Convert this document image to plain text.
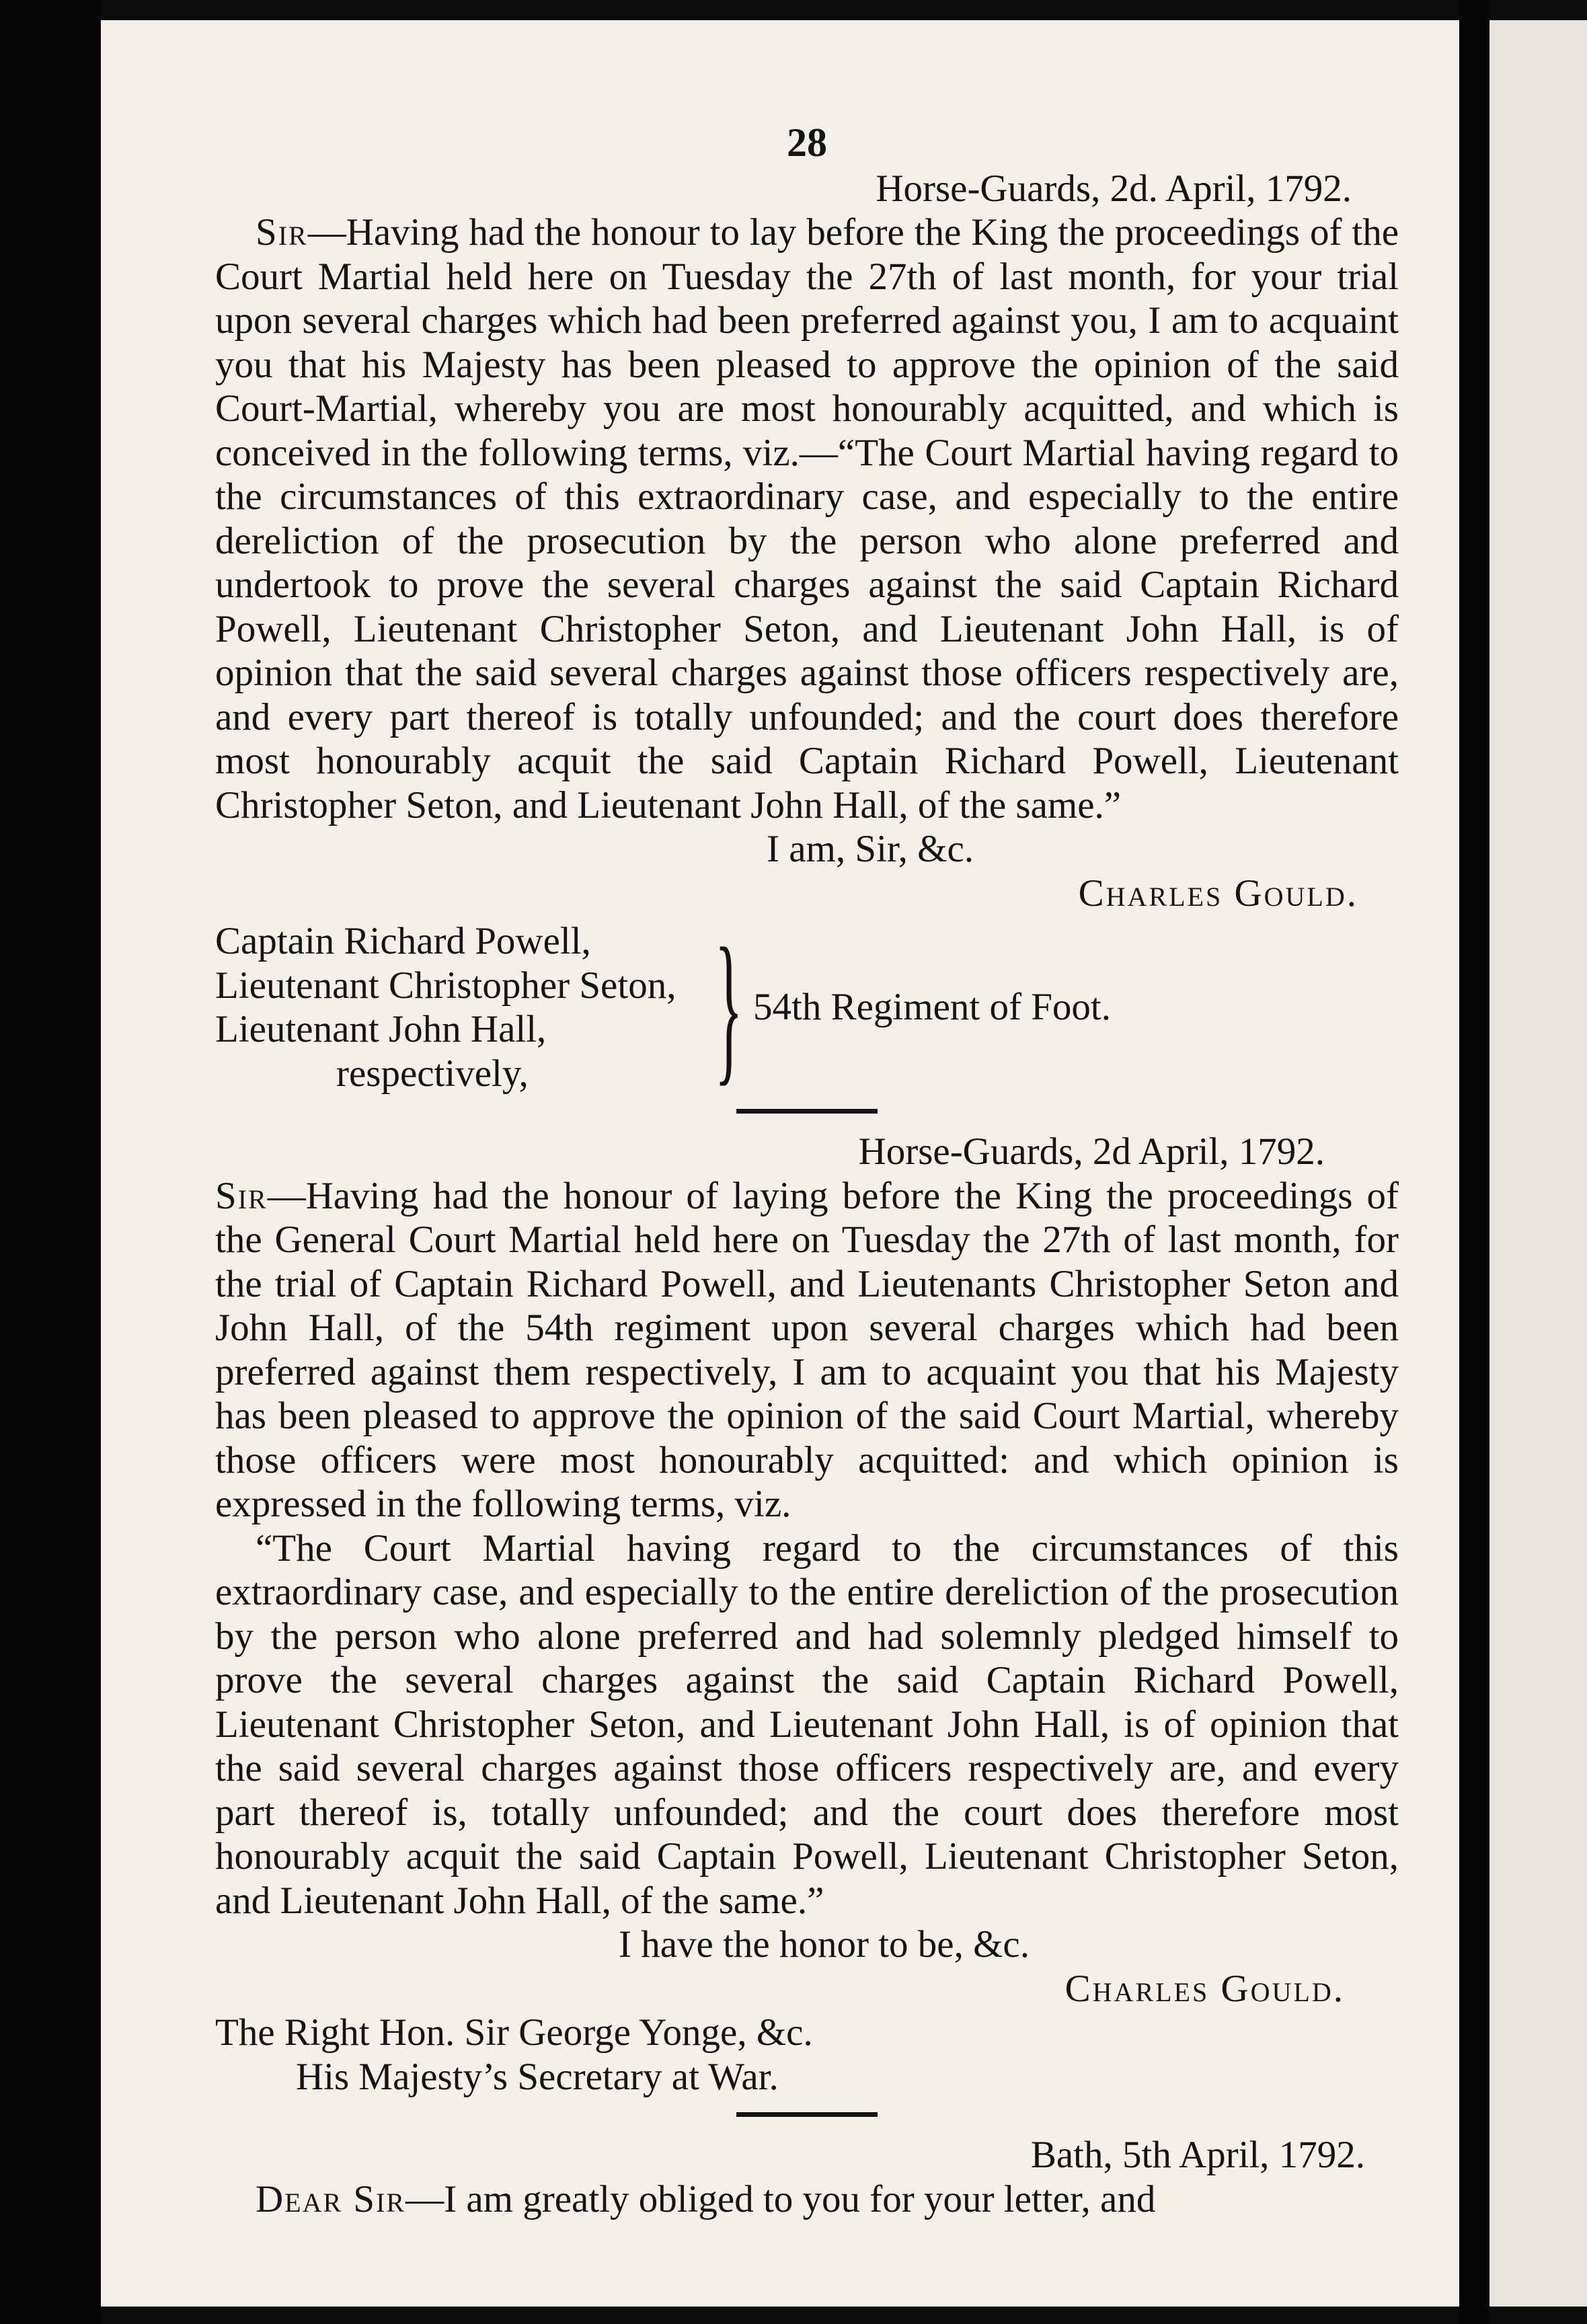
28
Horse-Guards, 2d. April, 1792.

Sir—Having had the honour to lay before the King the proceedings of the Court Martial held here on Tuesday the 27th of last month, for your trial upon several charges which had been preferred against you, I am to acquaint you that his Majesty has been pleased to approve the opinion of the said Court-Martial, whereby you are most honourably acquitted, and which is conceived in the following terms, viz.—“The Court Martial having regard to the circumstances of this extraordinary case, and especially to the entire dereliction of the prosecution by the person who alone preferred and undertook to prove the several charges against the said Captain Richard Powell, Lieutenant Christopher Seton, and Lieutenant John Hall, is of opinion that the said several charges against those officers respectively are, and every part thereof is totally unfounded; and the court does therefore most honourably acquit the said Captain Richard Powell, Lieutenant Christopher Seton, and Lieutenant John Hall, of the same.”

I am, Sir, &c.
Charles Gould.
Captain Richard Powell,
Lieutenant Christopher Seton,
Lieutenant John Hall,
respectively,	} 54th Regiment of Foot.
Horse-Guards, 2d April, 1792.

Sir—Having had the honour of laying before the King the proceedings of the General Court Martial held here on Tuesday the 27th of last month, for the trial of Captain Richard Powell, and Lieutenants Christopher Seton and John Hall, of the 54th regiment upon several charges which had been preferred against them respectively, I am to acquaint you that his Majesty has been pleased to approve the opinion of the said Court Martial, whereby those officers were most honourably acquitted: and which opinion is expressed in the following terms, viz.

“The Court Martial having regard to the circumstances of this extraordinary case, and especially to the entire dereliction of the prosecution by the person who alone preferred and had solemnly pledged himself to prove the several charges against the said Captain Richard Powell, Lieutenant Christopher Seton, and Lieutenant John Hall, is of opinion that the said several charges against those officers respectively are, and every part thereof is, totally unfounded; and the court does therefore most honourably acquit the said Captain Powell, Lieutenant Christopher Seton, and Lieutenant John Hall, of the same.”

I have the honor to be, &c.
Charles Gould.
The Right Hon. Sir George Yonge, &c.
His Majesty’s Secretary at War.
Bath, 5th April, 1792.

Dear Sir—I am greatly obliged to you for your letter, and
